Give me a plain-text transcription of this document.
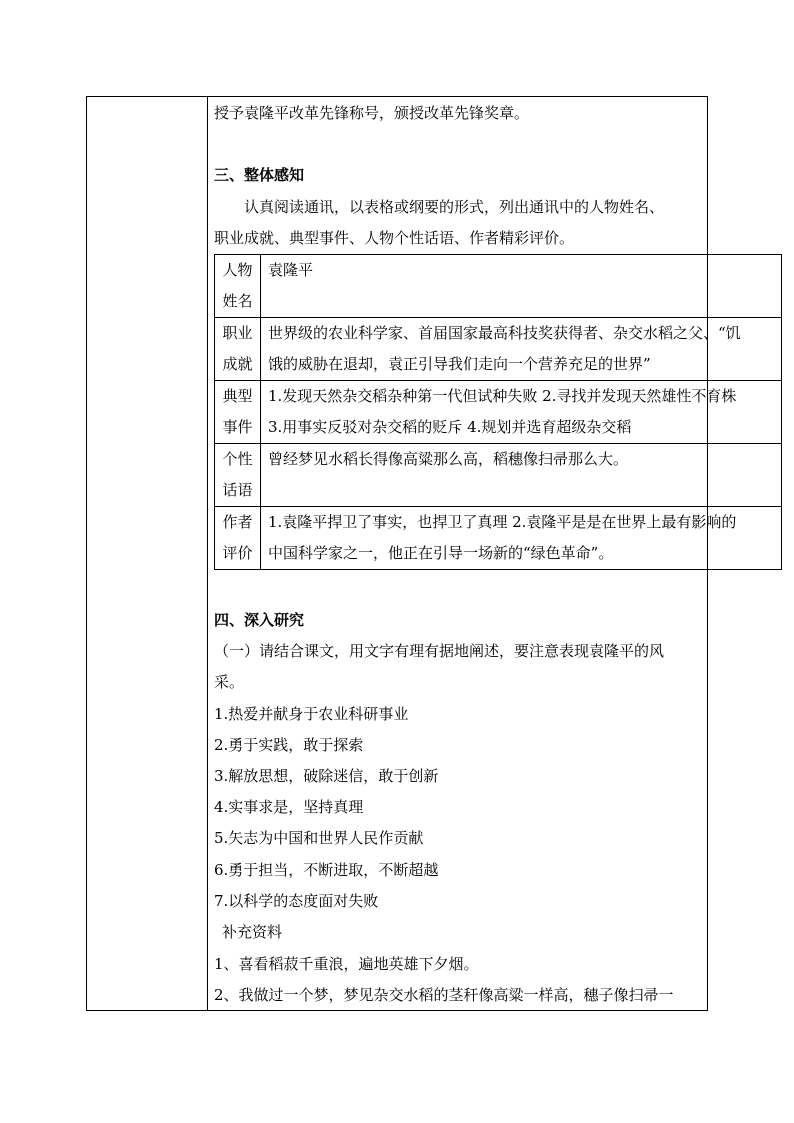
授予袁隆平改革先锋称号，颁授改革先锋奖章。
三、整体感知
认真阅读通讯，以表格或纲要的形式，列出通讯中的人物姓名、
职业成就、典型事件、人物个性话语、作者精彩评价。
人物
姓名	袁隆平

职业
成就	世界级的农业科学家、首届国家最高科技奖获得者、杂交水稻之父、“饥
饿的威胁在退却，袁正引导我们走向一个营养充足的世界”

典型
事件	1.发现天然杂交稻杂种第一代但试种失败 2.寻找并发现天然雄性不育株
3.用事实反驳对杂交稻的贬斥 4.规划并选育超级杂交稻

个性
话语	曾经梦见水稻长得像高粱那么高，稻穗像扫帚那么大。

作者
评价	1.袁隆平捍卫了事实，也捍卫了真理 2.袁隆平是是在世界上最有影响的
中国科学家之一，他正在引导一场新的“绿色革命”。
四、深入研究
（一）请结合课文，用文字有理有据地阐述，要注意表现袁隆平的风
采。
1.热爱并献身于农业科研事业
2.勇于实践，敢于探索
3.解放思想，破除迷信，敢于创新
4.实事求是，坚持真理
5.矢志为中国和世界人民作贡献
6.勇于担当，不断进取，不断超越
7.以科学的态度面对失败
补充资料
1、喜看稻菽千重浪，遍地英雄下夕烟。
2、我做过一个梦，梦见杂交水稻的茎秆像高粱一样高，穗子像扫帚一
